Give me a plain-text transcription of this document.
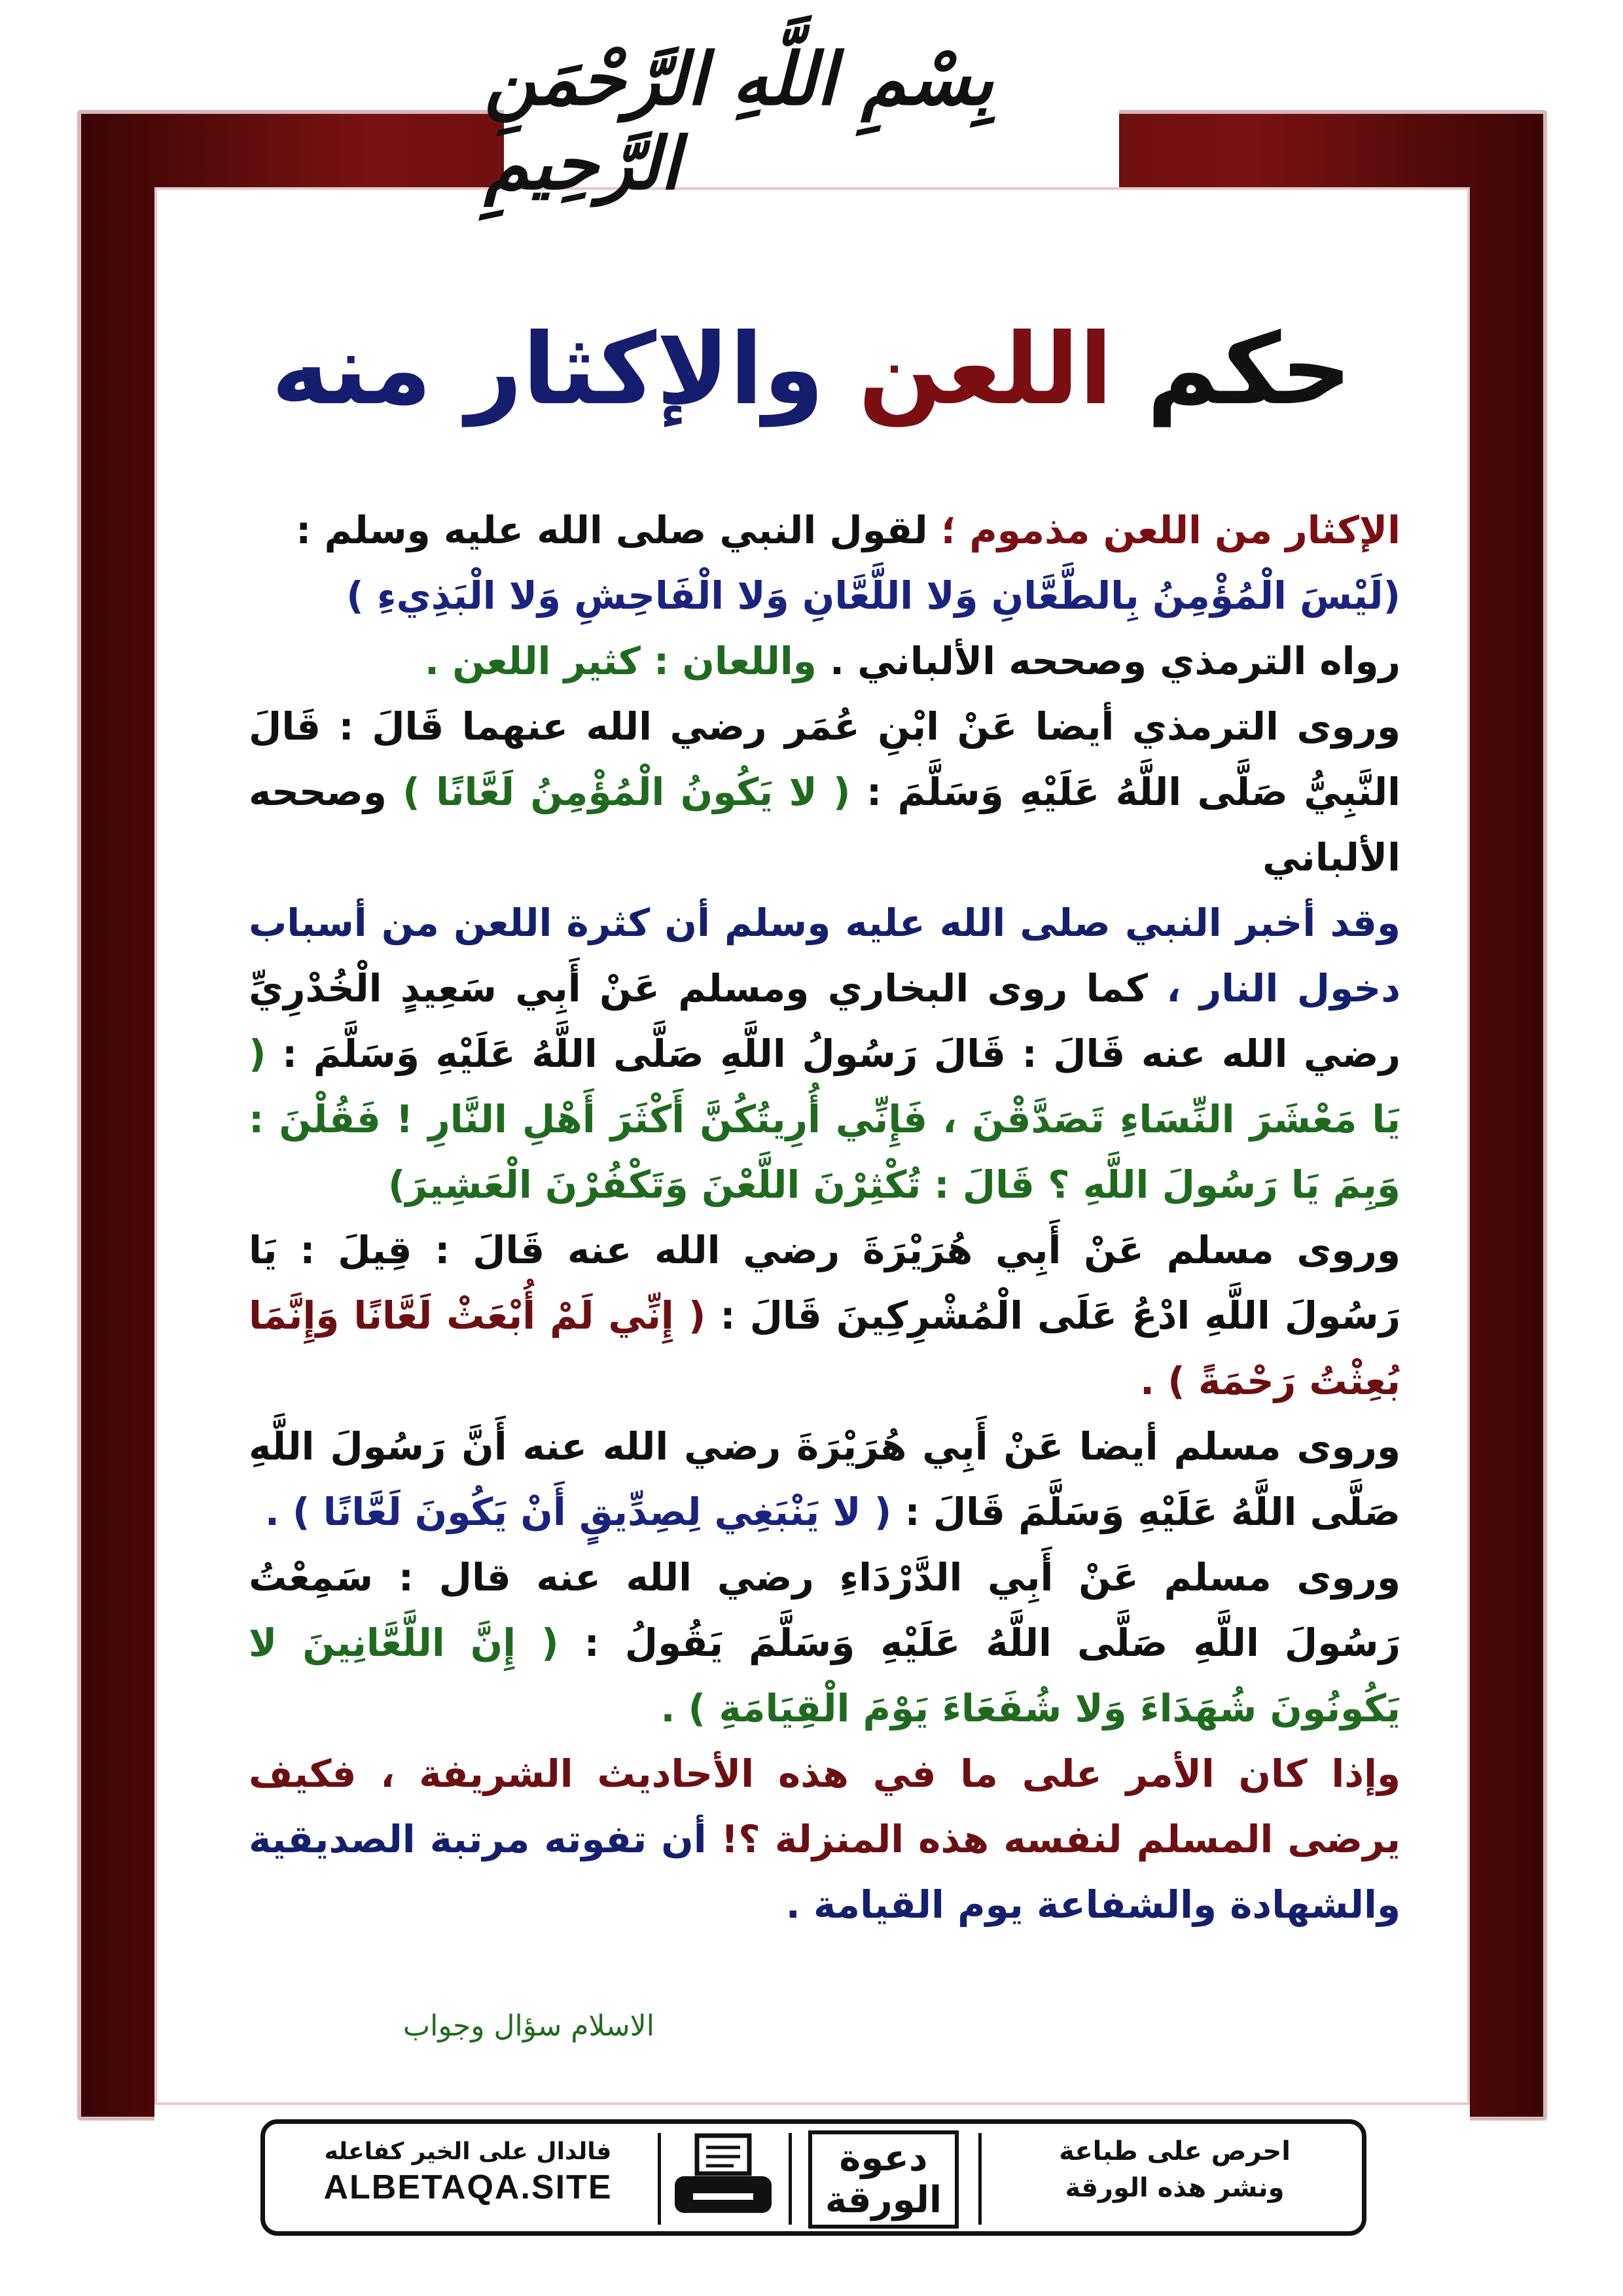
بِسْمِ اللَّهِ الرَّحْمَنِ الرَّحِيمِ
حكم اللعن والإكثار منه

الإكثار من اللعن مذموم ؛ لقول النبي صلى الله عليه وسلم :
(لَيْسَ الْمُؤْمِنُ بِالطَّعَّانِ وَلا اللَّعَّانِ وَلا الْفَاحِشِ وَلا الْبَذِيءِ )
رواه الترمذي وصححه الألباني . واللعان : كثير اللعن .

وروى الترمذي أيضا عَنْ ابْنِ عُمَر رضي الله عنهما قَالَ : قَالَ النَّبِيُّ صَلَّى اللَّهُ عَلَيْهِ وَسَلَّمَ : ( لا يَكُونُ الْمُؤْمِنُ لَعَّانًا ) وصححه الألباني

وقد أخبر النبي صلى الله عليه وسلم أن كثرة اللعن من أسباب دخول النار ، كما روى البخاري ومسلم عَنْ أَبِي سَعِيدٍ الْخُدْرِيِّ رضي الله عنه قَالَ : قَالَ رَسُولُ اللَّهِ صَلَّى اللَّهُ عَلَيْهِ وَسَلَّمَ : ( يَا مَعْشَرَ النِّسَاءِ تَصَدَّقْنَ ، فَإِنِّي أُرِيتُكُنَّ أَكْثَرَ أَهْلِ النَّارِ ! فَقُلْنَ : وَبِمَ يَا رَسُولَ اللَّهِ ؟ قَالَ : تُكْثِرْنَ اللَّعْنَ وَتَكْفُرْنَ الْعَشِيرَ)

وروى مسلم عَنْ أَبِي هُرَيْرَةَ رضي الله عنه قَالَ : قِيلَ : يَا رَسُولَ اللَّهِ ادْعُ عَلَى الْمُشْرِكِينَ قَالَ : ( إِنِّي لَمْ أُبْعَثْ لَعَّانًا وَإِنَّمَا بُعِثْتُ رَحْمَةً ) .

وروى مسلم أيضا عَنْ أَبِي هُرَيْرَةَ رضي الله عنه أَنَّ رَسُولَ اللَّهِ صَلَّى اللَّهُ عَلَيْهِ وَسَلَّمَ قَالَ : ( لا يَنْبَغِي لِصِدِّيقٍ أَنْ يَكُونَ لَعَّانًا ) .

وروى مسلم عَنْ أَبِي الدَّرْدَاءِ رضي الله عنه قال : سَمِعْتُ رَسُولَ اللَّهِ صَلَّى اللَّهُ عَلَيْهِ وَسَلَّمَ يَقُولُ : ( إِنَّ اللَّعَّانِينَ لا يَكُونُونَ شُهَدَاءَ وَلا شُفَعَاءَ يَوْمَ الْقِيَامَةِ ) .

وإذا كان الأمر على ما في هذه الأحاديث الشريفة ، فكيف يرضى المسلم لنفسه هذه المنزلة ؟! أن تفوته مرتبة الصديقية والشهادة والشفاعة يوم القيامة .

الاسلام سؤال وجواب
فالدال على الخير كفاعله
ALBETAQA.SITE
دعوة
الورقة
احرص على طباعة
ونشر هذه الورقة
